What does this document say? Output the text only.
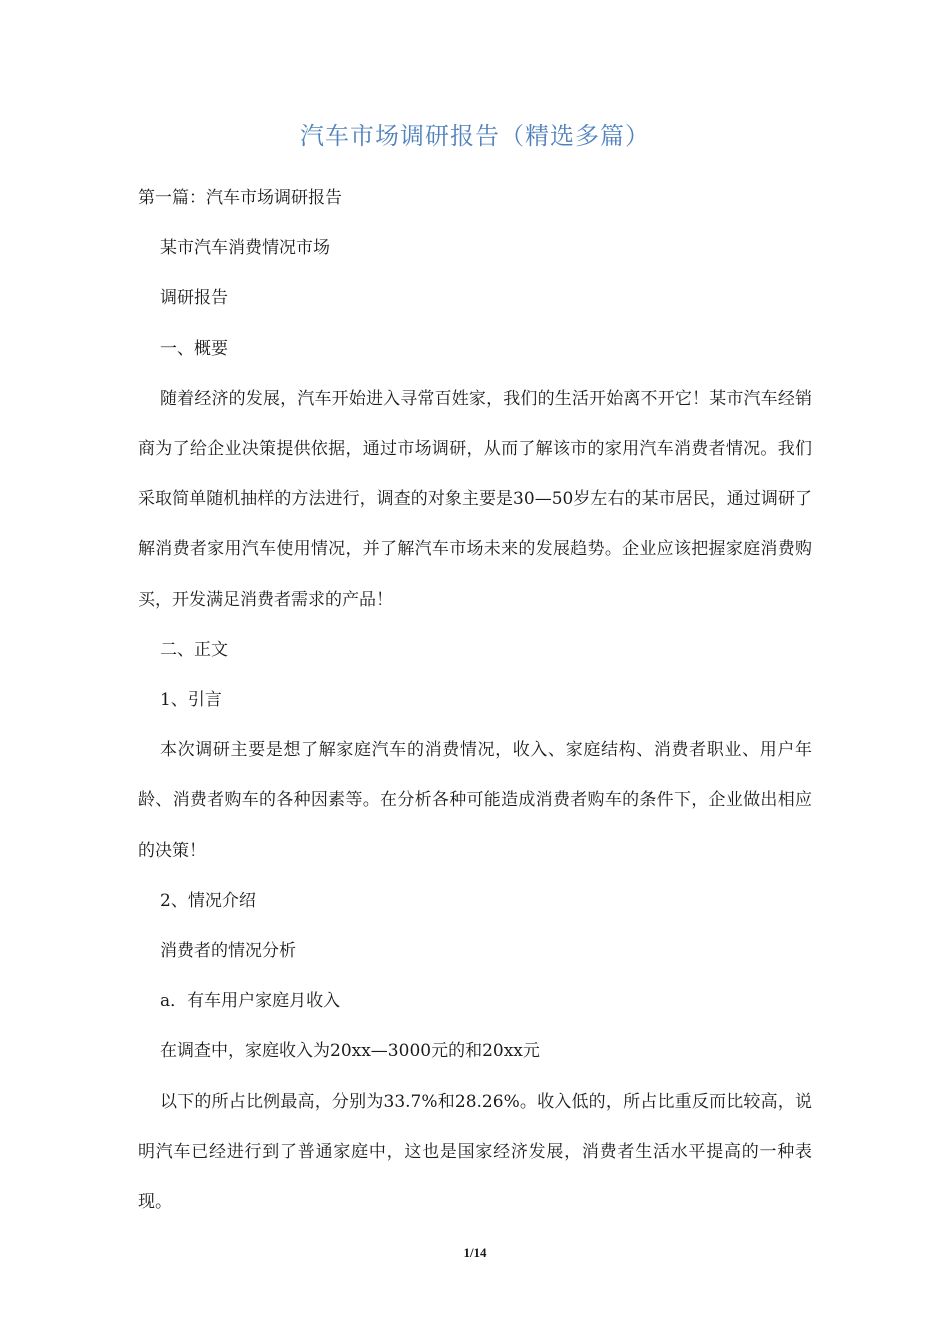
汽车市场调研报告（精选多篇）

第一篇：汽车市场调研报告

某市汽车消费情况市场

调研报告

一、概要

随着经济的发展，汽车开始进入寻常百姓家，我们的生活开始离不开它！某市汽车经销商为了给企业决策提供依据，通过市场调研，从而了解该市的家用汽车消费者情况。我们采取简单随机抽样的方法进行，调查的对象主要是30—50岁左右的某市居民，通过调研了解消费者家用汽车使用情况，并了解汽车市场未来的发展趋势。企业应该把握家庭消费购买，开发满足消费者需求的产品！

二、正文

1、引言

本次调研主要是想了解家庭汽车的消费情况，收入、家庭结构、消费者职业、用户年龄、消费者购车的各种因素等。在分析各种可能造成消费者购车的条件下，企业做出相应的决策！

2、情况介绍

消费者的情况分析

a．有车用户家庭月收入

在调查中，家庭收入为20xx—3000元的和20xx元

以下的所占比例最高，分别为33.7%和28.26%。收入低的，所占比重反而比较高，说明汽车已经进行到了普通家庭中，这也是国家经济发展，消费者生活水平提高的一种表现。

1/14
